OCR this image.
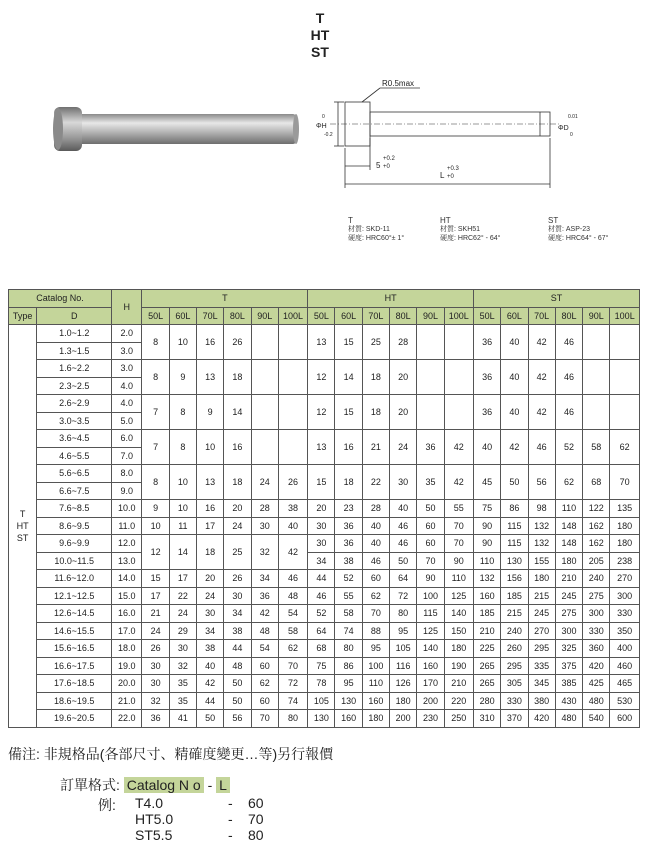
T
HT
ST
R0.5max
ΦH
0
-0.2
ΦD
0.01
0
5
+0.2
+0
L
+0.3
+0
T
材質: SKD-11
硬度: HRC60°± 1°
HT
材質: SKH51
硬度: HRC62° - 64°
ST
材質: ASP-23
硬度: HRC64° - 67°
Catalog No.		H	T						HT						ST					
Type	D		50L	60L	70L	80L	90L	100L	50L	60L	70L	80L	90L	100L	50L	60L	70L	80L	90L	100L
T
HT
ST	1.0~1.2	2.0	8	10	16	26			13	15	25	28			36	40	42	46		
	1.3~1.5	3.0																		
	1.6~2.2	3.0	8	9	13	18			12	14	18	20			36	40	42	46		
	2.3~2.5	4.0																		
	2.6~2.9	4.0	7	8	9	14			12	15	18	20			36	40	42	46		
	3.0~3.5	5.0																		
	3.6~4.5	6.0	7	8	10	16			13	16	21	24	36	42	40	42	46	52	58	62
	4.6~5.5	7.0																		
	5.6~6.5	8.0	8	10	13	18	24	26	15	18	22	30	35	42	45	50	56	62	68	70
	6.6~7.5	9.0																		
	7.6~8.5	10.0	9	10	16	20	28	38	20	23	28	40	50	55	75	86	98	110	122	135
	8.6~9.5	11.0	10	11	17	24	30	40	30	36	40	46	60	70	90	115	132	148	162	180
	9.6~9.9	12.0	12	14	18	25	32	42	30	36	40	46	60	70	90	115	132	148	162	180
	10.0~11.5	13.0							34	38	46	50	70	90	110	130	155	180	205	238
	11.6~12.0	14.0	15	17	20	26	34	46	44	52	60	64	90	110	132	156	180	210	240	270
	12.1~12.5	15.0	17	22	24	30	36	48	46	55	62	72	100	125	160	185	215	245	275	300
	12.6~14.5	16.0	21	24	30	34	42	54	52	58	70	80	115	140	185	215	245	275	300	330
	14.6~15.5	17.0	24	29	34	38	48	58	64	74	88	95	125	150	210	240	270	300	330	350
	15.6~16.5	18.0	26	30	38	44	54	62	68	80	95	105	140	180	225	260	295	325	360	400
	16.6~17.5	19.0	30	32	40	48	60	70	75	86	100	116	160	190	265	295	335	375	420	460
	17.6~18.5	20.0	30	35	42	50	62	72	78	95	110	126	170	210	265	305	345	385	425	465
	18.6~19.5	21.0	32	35	44	50	60	74	105	130	160	180	200	220	280	330	380	430	480	530
	19.6~20.5	22.0	36	41	50	56	70	80	130	160	180	200	230	250	310	370	420	480	540	600
備注: 非規格品(各部尺寸、精確度變更…等)另行報價
訂單格式: Catalog N o - L
例: T4.0	- 60
HT5.0	- 70
ST5.5	- 80
